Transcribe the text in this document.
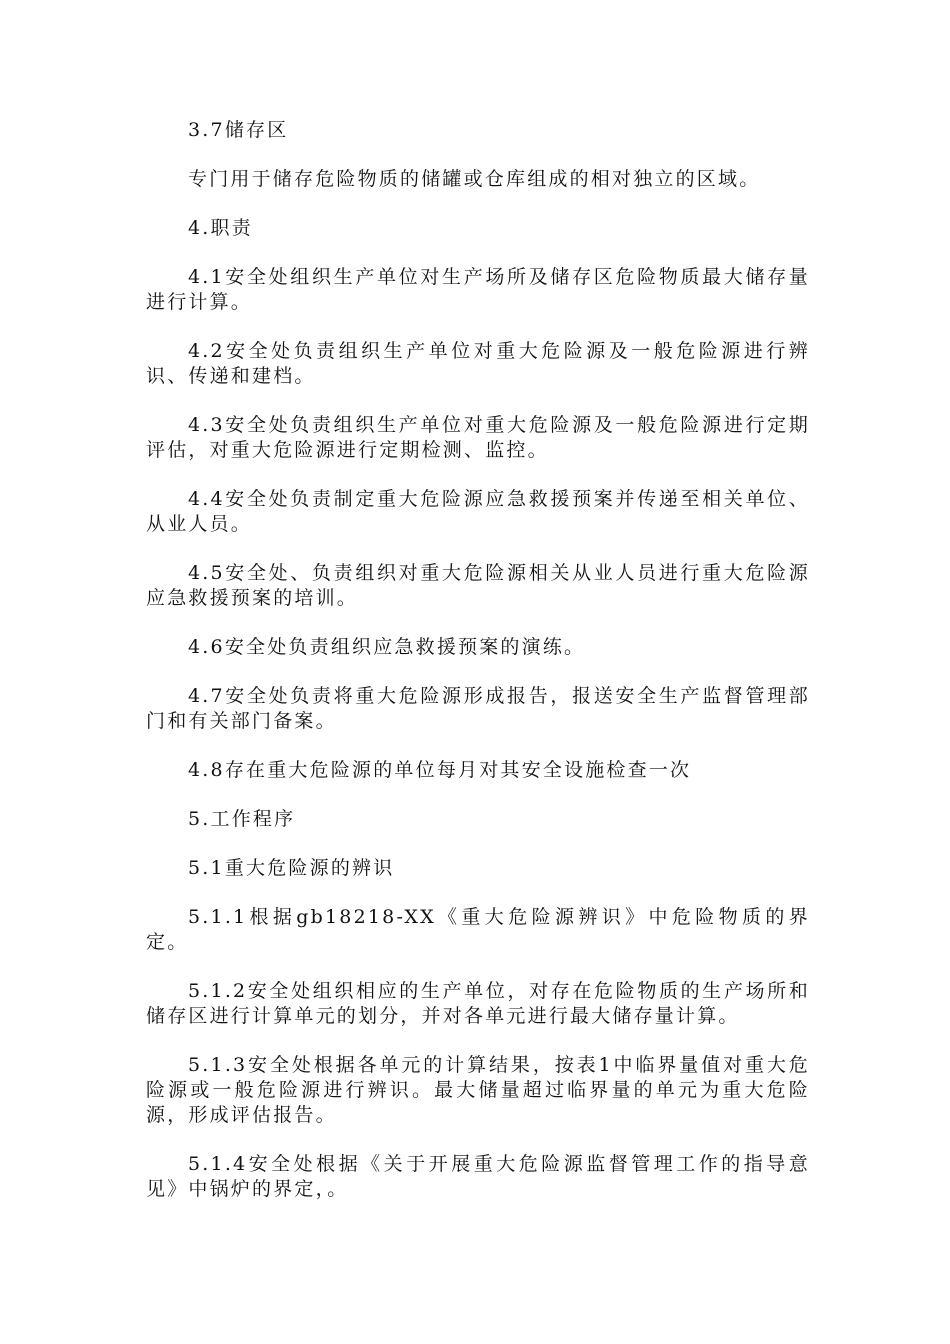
3.7储存区

专门用于储存危险物质的储罐或仓库组成的相对独立的区域。

4.职责

4.1安全处组织生产单位对生产场所及储存区危险物质最大储存量进行计算。

4.2安全处负责组织生产单位对重大危险源及一般危险源进行辨识、传递和建档。

4.3安全处负责组织生产单位对重大危险源及一般危险源进行定期评估，对重大危险源进行定期检测、监控。

4.4安全处负责制定重大危险源应急救援预案并传递至相关单位、从业人员。

4.5安全处、负责组织对重大危险源相关从业人员进行重大危险源应急救援预案的培训。

4.6安全处负责组织应急救援预案的演练。

4.7安全处负责将重大危险源形成报告，报送安全生产监督管理部门和有关部门备案。

4.8存在重大危险源的单位每月对其安全设施检查一次

5.工作程序

5.1重大危险源的辨识

5.1.1根据gb18218-XX《重大危险源辨识》中危险物质的界定。

5.1.2安全处组织相应的生产单位，对存在危险物质的生产场所和储存区进行计算单元的划分，并对各单元进行最大储存量计算。

5.1.3安全处根据各单元的计算结果，按表1中临界量值对重大危险源或一般危险源进行辨识。最大储量超过临界量的单元为重大危险源，形成评估报告。

5.1.4安全处根据《关于开展重大危险源监督管理工作的指导意见》中锅炉的界定，。
